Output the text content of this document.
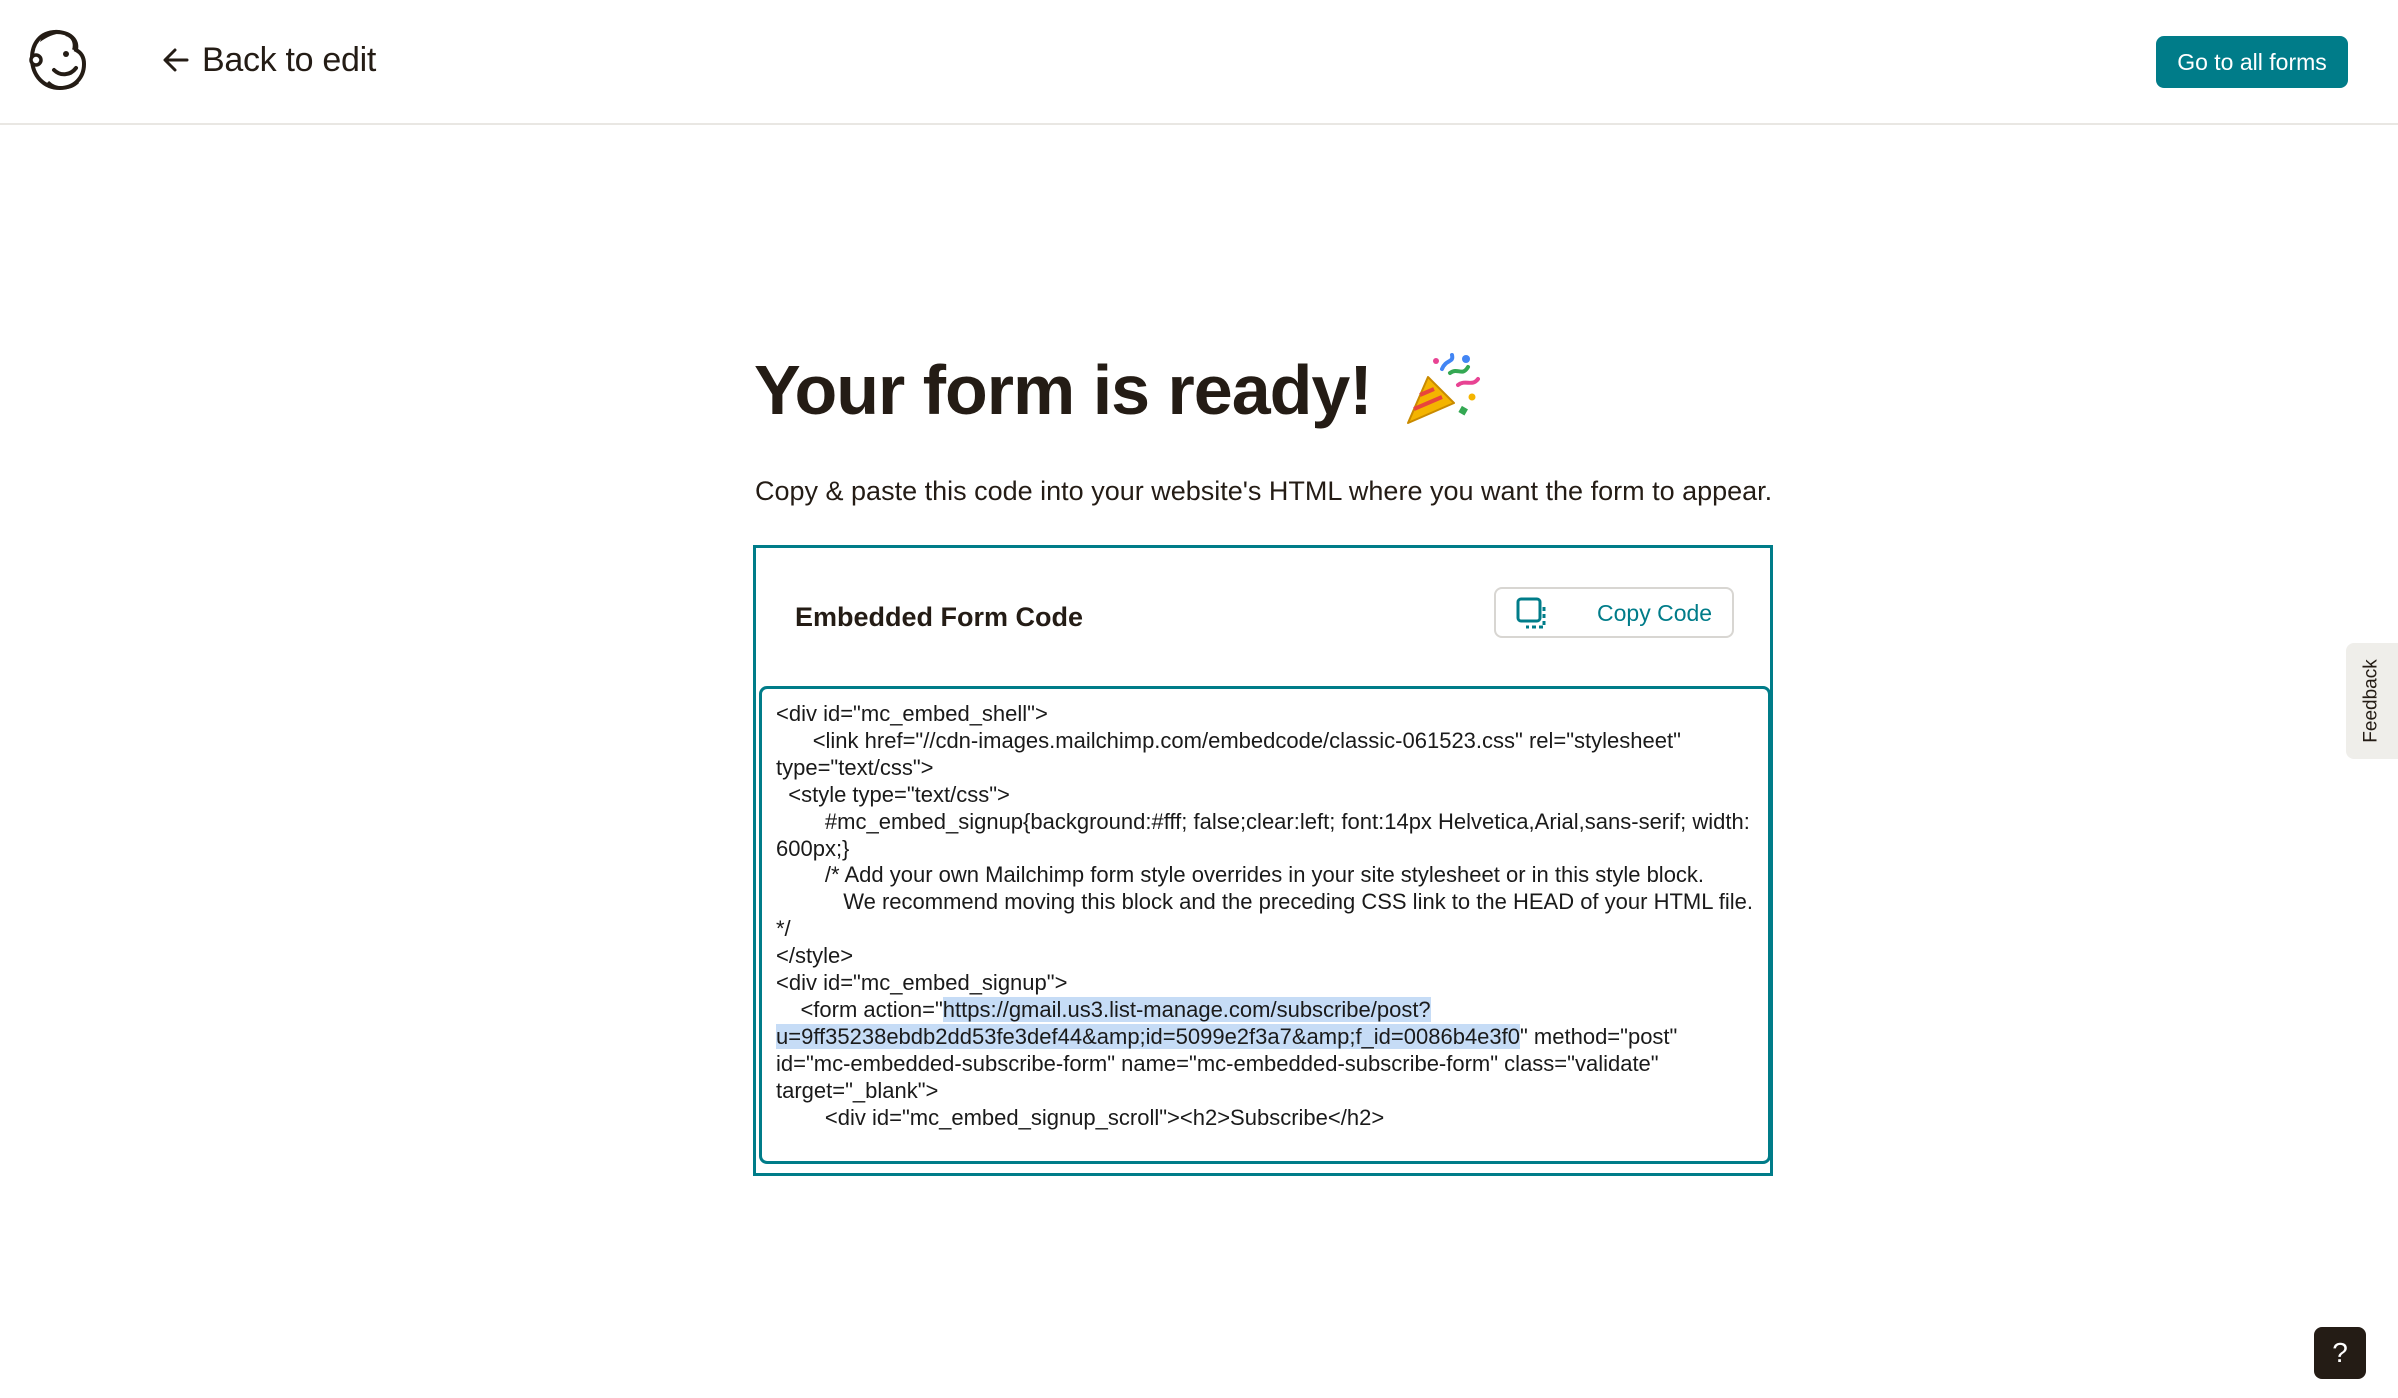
Back to edit	Go to all forms
Your form is ready!

Copy & paste this code into your website's HTML where you want the form to appear.

Embedded Form Code	Copy Code
<div id="mc_embed_shell">
<link href="//cdn-images.mailchimp.com/embedcode/classic-061523.css" rel="stylesheet" type="text/css">
<style type="text/css">
#mc_embed_signup{background:#fff; false;clear:left; font:14px Helvetica,Arial,sans-serif; width: 600px;}
/* Add your own Mailchimp form style overrides in your site stylesheet or in this style block.
We recommend moving this block and the preceding CSS link to the HEAD of your HTML file. */
</style>
<div id="mc_embed_signup">
<form action="https://gmail.us3.list-manage.com/subscribe/post?u=9ff35238ebdb2dd53fe3def44&amp;id=5099e2f3a7&amp;f_id=0086b4e3f0" method="post" id="mc-embedded-subscribe-form" name="mc-embedded-subscribe-form" class="validate" target="_blank">
<div id="mc_embed_signup_scroll"><h2>Subscribe</h2>
Feedback
?
